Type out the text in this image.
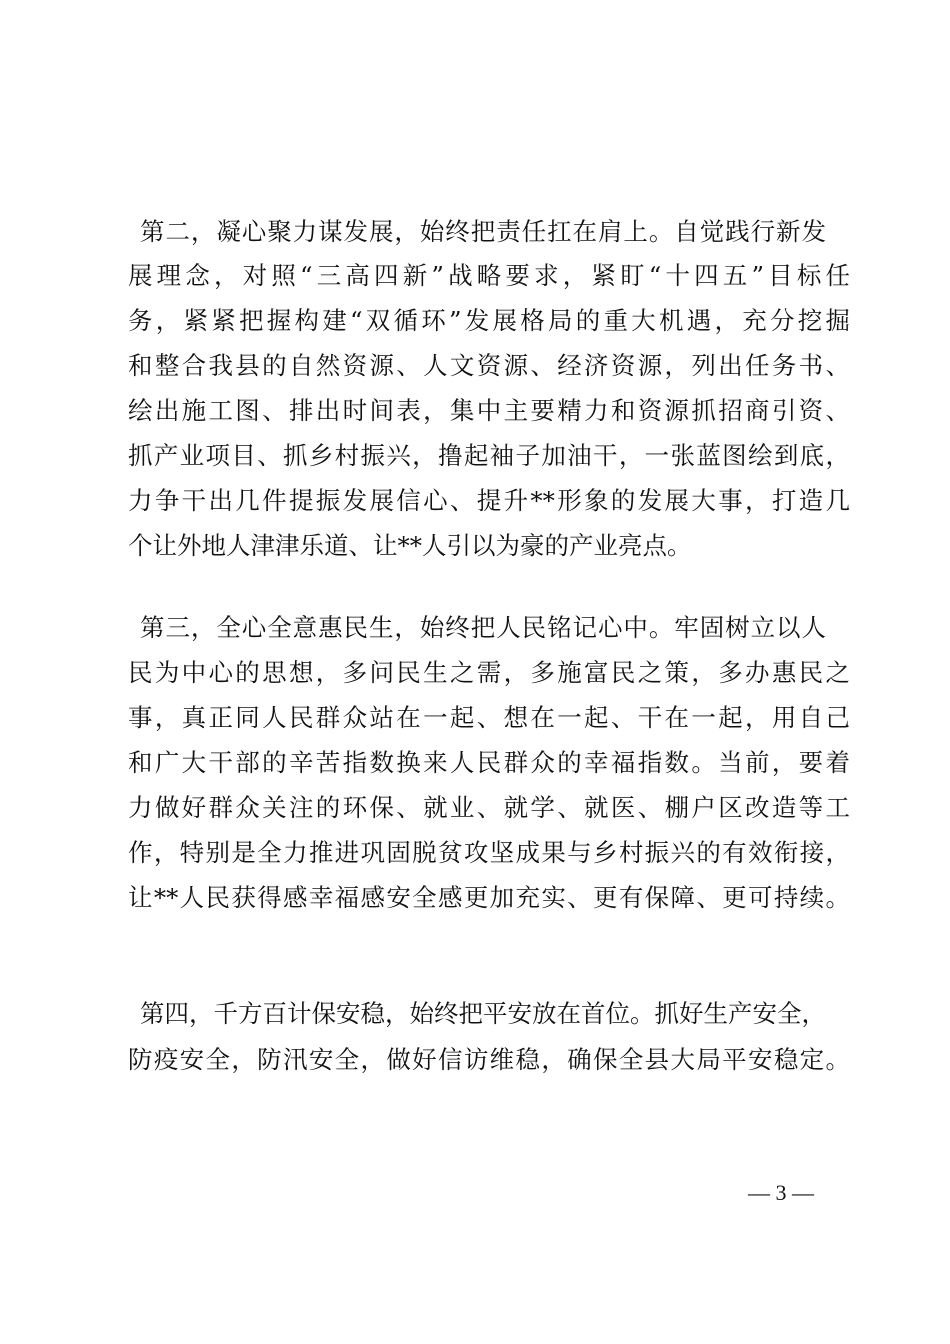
第二，凝心聚力谋发展，始终把责任扛在肩上。自觉践行新发
展理念，对照“三高四新”战略要求，紧盯“十四五”目标任
务，紧紧把握构建“双循环”发展格局的重大机遇，充分挖掘
和整合我县的自然资源、人文资源、经济资源，列出任务书、
绘出施工图、排出时间表，集中主要精力和资源抓招商引资、
抓产业项目、抓乡村振兴，撸起袖子加油干，一张蓝图绘到底，
力争干出几件提振发展信心、提升**形象的发展大事，打造几
个让外地人津津乐道、让**人引以为豪的产业亮点。
第三，全心全意惠民生，始终把人民铭记心中。牢固树立以人
民为中心的思想，多问民生之需，多施富民之策，多办惠民之
事，真正同人民群众站在一起、想在一起、干在一起，用自己
和广大干部的辛苦指数换来人民群众的幸福指数。当前，要着
力做好群众关注的环保、就业、就学、就医、棚户区改造等工
作，特别是全力推进巩固脱贫攻坚成果与乡村振兴的有效衔接，
让**人民获得感幸福感安全感更加充实、更有保障、更可持续。
第四，千方百计保安稳，始终把平安放在首位。抓好生产安全，
防疫安全，防汛安全，做好信访维稳，确保全县大局平安稳定。
— 3 —
